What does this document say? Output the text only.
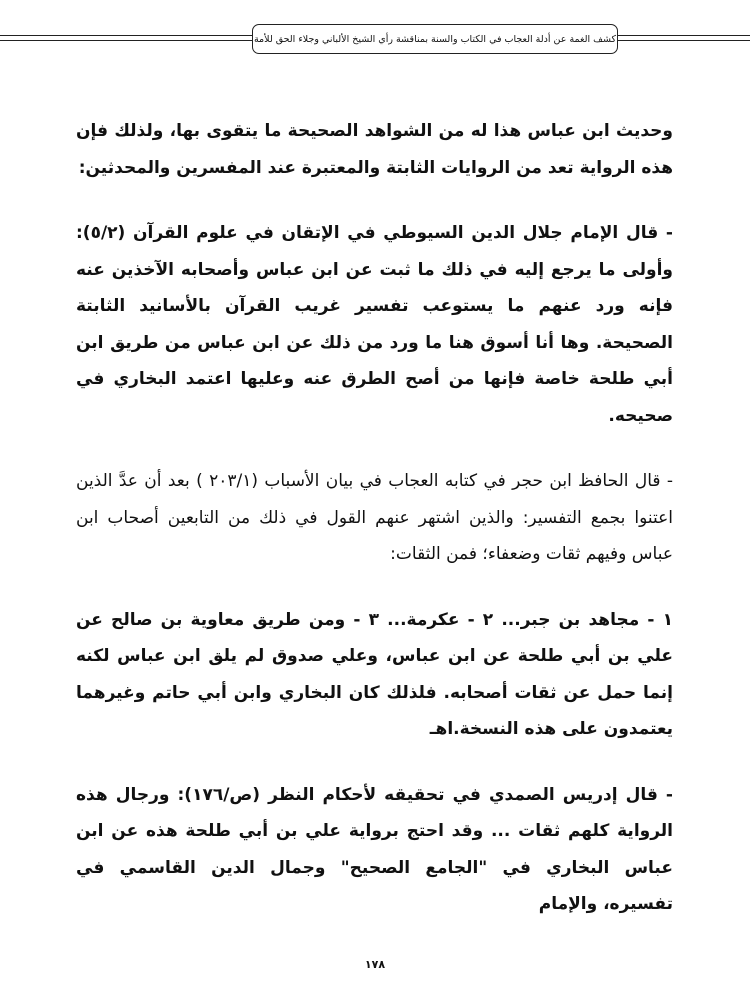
كشف الغمة عن أدلة العجاب في الكتاب والسنة بمناقشة رأي الشيخ الألباني وجلاء الحق للأمة

وحديث ابن عباس هذا له من الشواهد الصحيحة ما يتقوى بها، ولذلك فإن هذه الرواية تعد من الروايات الثابتة والمعتبرة عند المفسرين والمحدثين:

- قال الإمام جلال الدين السيوطي في الإتقان في علوم القرآن (٥/٢): وأولى ما يرجع إليه في ذلك ما ثبت عن ابن عباس وأصحابه الآخذين عنه فإنه ورد عنهم ما يستوعب تفسير غريب القرآن بالأسانيد الثابتة الصحيحة. وها أنا أسوق هنا ما ورد من ذلك عن ابن عباس من طريق ابن أبي طلحة خاصة فإنها من أصح الطرق عنه وعليها اعتمد البخاري في صحيحه.

- قال الحافظ ابن حجر في كتابه العجاب في بيان الأسباب (٢٠٣/١ ) بعد أن عدَّ الذين اعتنوا بجمع التفسير: والذين اشتهر عنهم القول في ذلك من التابعين أصحاب ابن عباس وفيهم ثقات وضعفاء؛ فمن الثقات:

١ - مجاهد بن جبر... ٢ - عكرمة... ٣ - ومن طريق معاوية بن صالح عن علي بن أبي طلحة عن ابن عباس، وعلي صدوق لم يلق ابن عباس لكنه إنما حمل عن ثقات أصحابه. فلذلك كان البخاري وابن أبي حاتم وغيرهما يعتمدون على هذه النسخة.اهـ

- قال إدريس الصمدي في تحقيقه لأحكام النظر (ص/١٧٦): ورجال هذه الرواية كلهم ثقات ... وقد احتج برواية علي بن أبي طلحة هذه عن ابن عباس البخاري في "الجامع الصحيح" وجمال الدين القاسمي في تفسيره، والإمام

١٧٨
